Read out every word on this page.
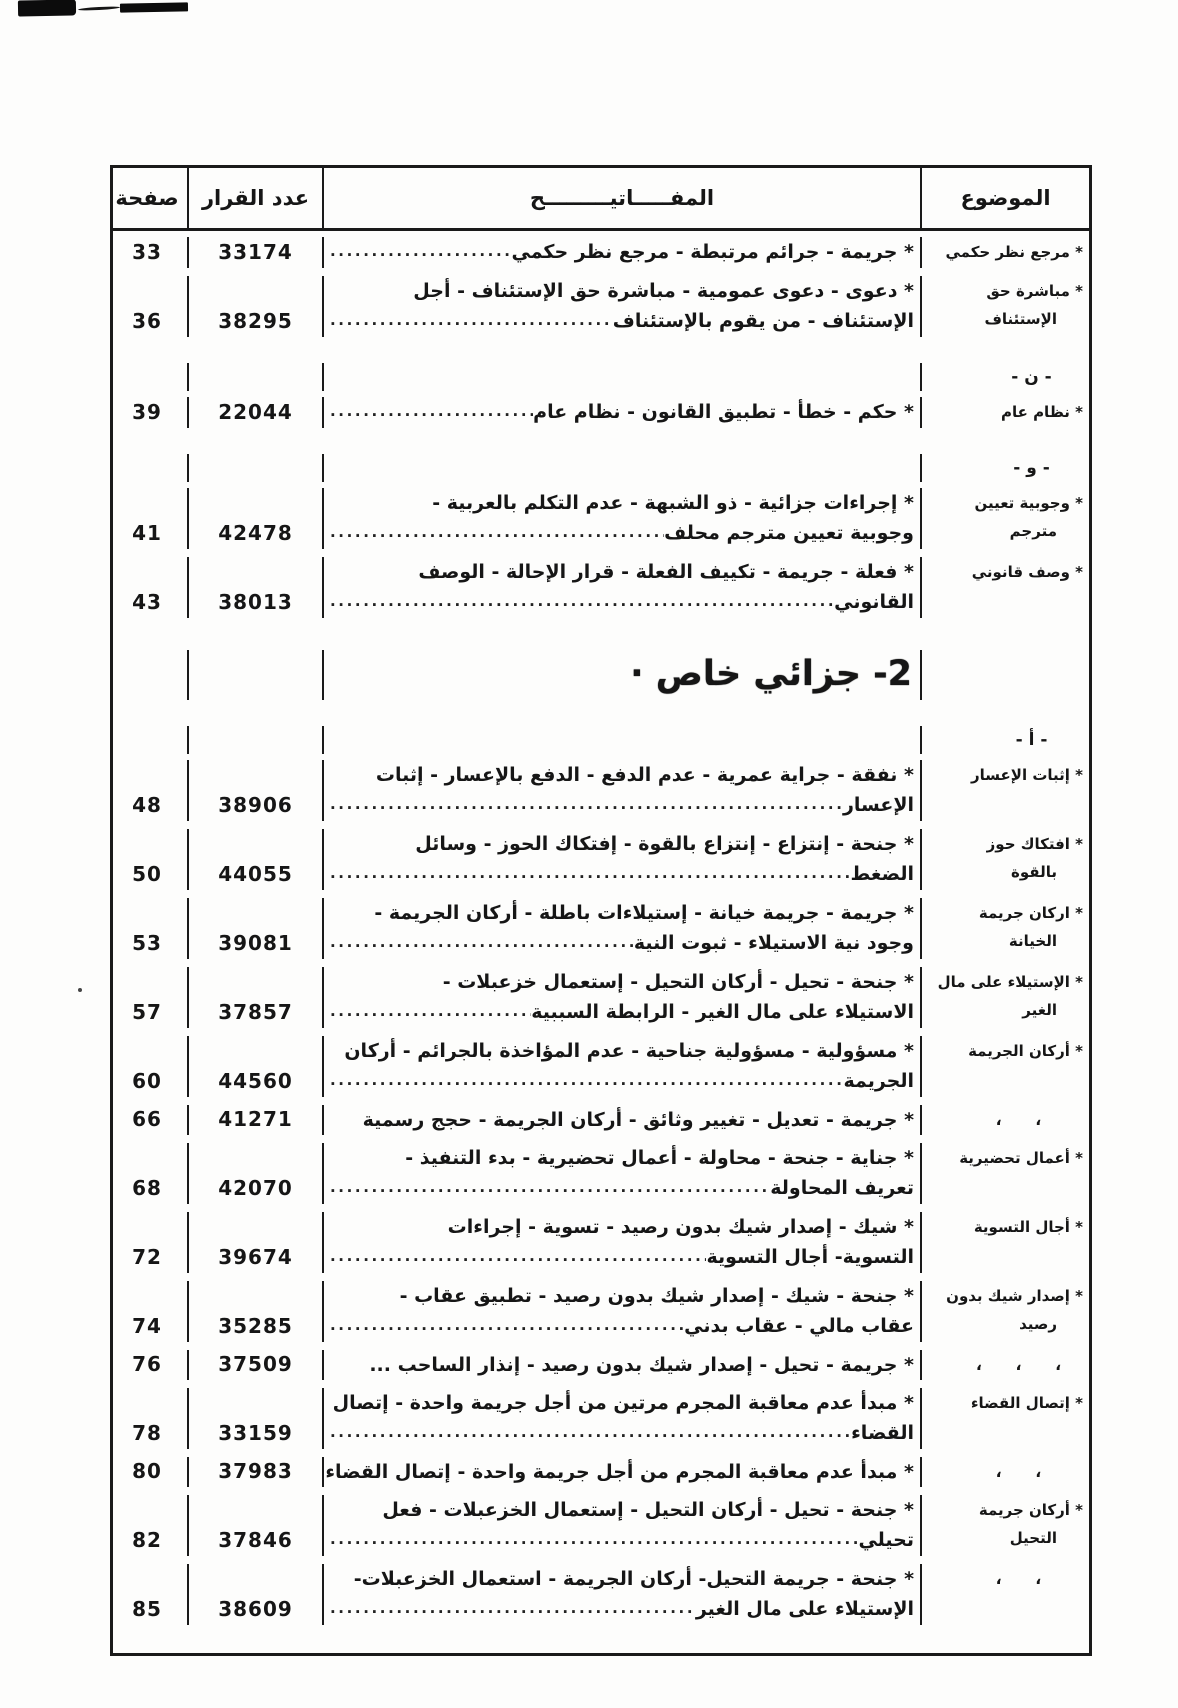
الموضوع
المفـــــاتيـــــــــح
عدد القرار
صفحة
* مرجع نظر حكمي
* جريمة - جرائم مرتبطة - مرجع نظر حكمي
.....
33174
33
* مباشرة حق
الإستئناف
* دعوى - دعوى عمومية - مباشرة حق الإستئناف - أجل
الإستئناف - من يقوم بالإستئناف
.....
38295
36
- ن -
* نظام عام
* حكم - خطأ - تطبيق القانون - نظام عام
.....
22044
39
- و -
* وجوبية تعيين
مترجم
* إجراءات جزائية - ذو الشبهة - عدم التكلم بالعربية -
وجوبية تعيين مترجم محلف
.....
42478
41
* وصف قانوني
* فعلة - جريمة - تكييف الفعلة - قرار الإحالة - الوصف
القانوني
.....
38013
43
2- جزائي خاص ·
- أ -
* إثبات الإعسار
* نفقة - جراية عمرية - عدم الدفع - الدفع بالإعسار - إثبات
الإعسار
.....
38906
48
* افتكاك حوز
بالقوة
* جنحة - إنتزاع - إنتزاع بالقوة - إفتكاك الحوز - وسائل
الضغط
.....
44055
50
* اركان جريمة
الخيانة
* جريمة - جريمة خيانة - إستيلاءات باطلة - أركان الجريمة -
وجود نية الاستيلاء - ثبوت النية
.....
39081
53
* الإستيلاء على مال
الغير
* جنحة - تحيل - أركان التحيل - إستعمال خزعبلات -
الاستيلاء على مال الغير - الرابطة السببية
.....
37857
57
* أركان الجريمة
* مسؤولية - مسؤولية جناحية - عدم المؤاخذة بالجرائم - أركان
الجريمة
.....
44560
60
، ،
* جريمة - تعديل - تغيير وثائق - أركان الجريمة - حجج رسمية
41271
66
* أعمال تحضيرية
* جناية - جنحة - محاولة - أعمال تحضيرية - بدء التنفيذ -
تعريف المحاولة
.....
42070
68
* أجال التسوية
* شيك - إصدار شيك بدون رصيد - تسوية - إجراءات
التسوية- أجال التسوية
.....
39674
72
* إصدار شيك بدون
رصيد
* جنحة - شيك - إصدار شيك بدون رصيد - تطبيق عقاب -
عقاب مالي - عقاب بدني
.....
35285
74
، ، ،
* جريمة - تحيل - إصدار شيك بدون رصيد - إنذار الساحب ...
37509
76
* إتصال القضاء
* مبدأ عدم معاقبة المجرم مرتين من أجل جريمة واحدة - إتصال
القضاء
.....
33159
78
، ،
* مبدأ عدم معاقبة المجرم من أجل جريمة واحدة - إتصال القضاء
37983
80
* أركان جريمة
التحيل
* جنحة - تحيل - أركان التحيل - إستعمال الخزعبلات - فعل
تحيلي
.....
37846
82
، ،
* جنحة - جريمة التحيل- أركان الجريمة - استعمال الخزعبلات-
الإستيلاء على مال الغير
.....
38609
85
